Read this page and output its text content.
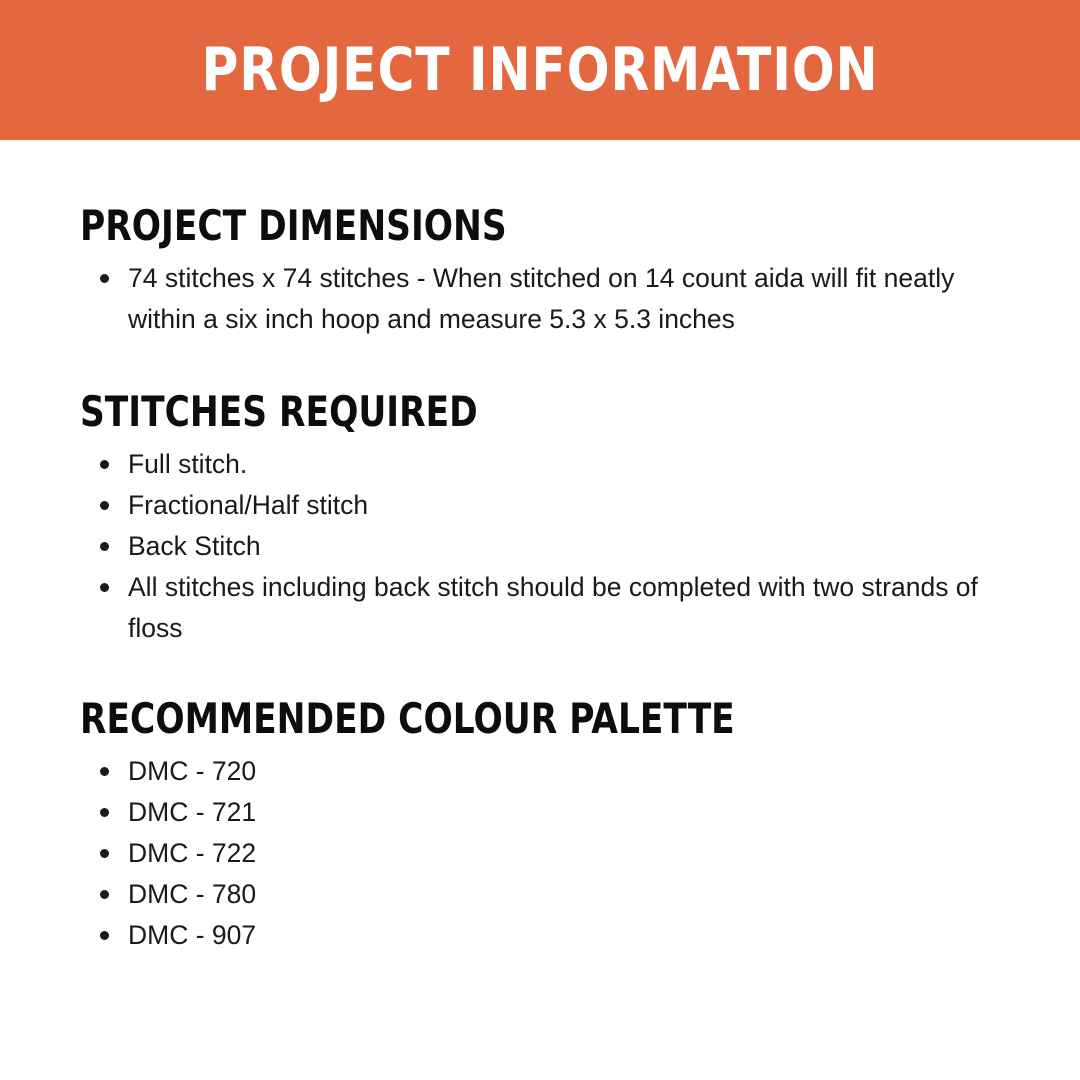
PROJECT INFORMATION
PROJECT DIMENSIONS
74 stitches x 74 stitches - When stitched on 14 count aida will fit neatly within a six inch hoop and measure 5.3 x 5.3 inches
STITCHES REQUIRED
Full stitch.
Fractional/Half stitch
Back Stitch
All stitches including back stitch should be completed with two strands of floss
RECOMMENDED COLOUR PALETTE
DMC - 720
DMC - 721
DMC - 722
DMC - 780
DMC - 907
